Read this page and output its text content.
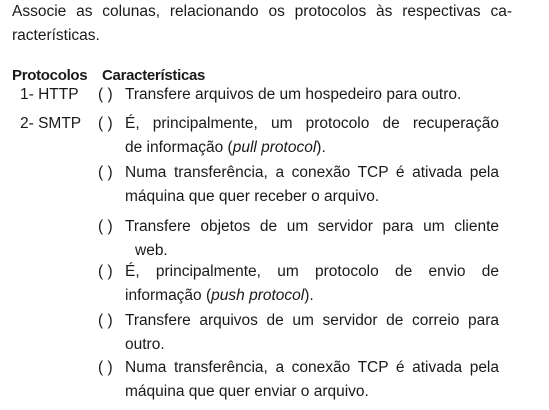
Associe as colunas, relacionando os protocolos às respectivas ca-
racterísticas.
Protocolos Características
1- HTTP
2- SMTP
( ) Transfere arquivos de um hospedeiro para outro.
( ) É, principalmente, um protocolo de recuperação
de informação (pull protocol).
( ) Numa transferência, a conexão TCP é ativada pela
máquina que quer receber o arquivo.
( ) Transfere objetos de um servidor para um cliente
web.
( ) É, principalmente, um protocolo de envio de
informação (push protocol).
( ) Transfere arquivos de um servidor de correio para
outro.
( ) Numa transferência, a conexão TCP é ativada pela
máquina que quer enviar o arquivo.
